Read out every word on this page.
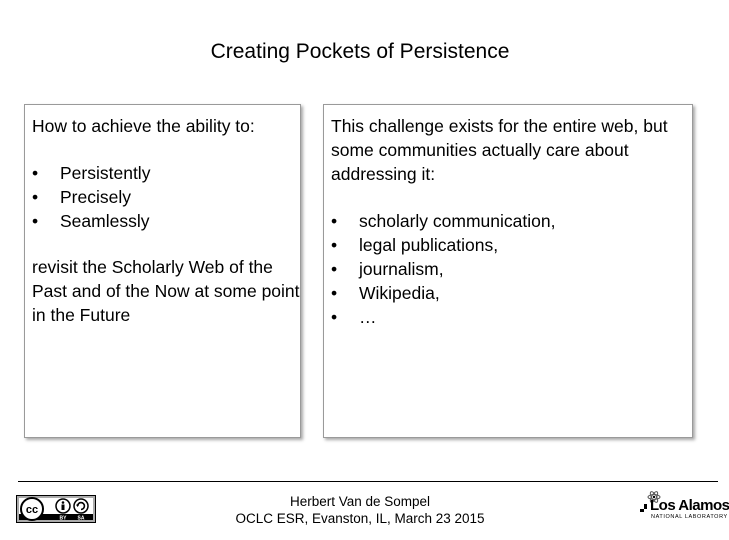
Creating Pockets of Persistence

How to achieve the ability to:

• Persistently
• Precisely
• Seamlessly

revisit the Scholarly Web of the Past and of the Now at some point in the Future

This challenge exists for the entire web, but some communities actually care about addressing it:

• scholarly communication,
• legal publications,
• journalism,
• Wikipedia,
• …
cc
BY SA
Herbert Van de Sompel
OCLC ESR, Evanston, IL, March 23 2015
Los Alamos
NATIONAL LABORATORY
